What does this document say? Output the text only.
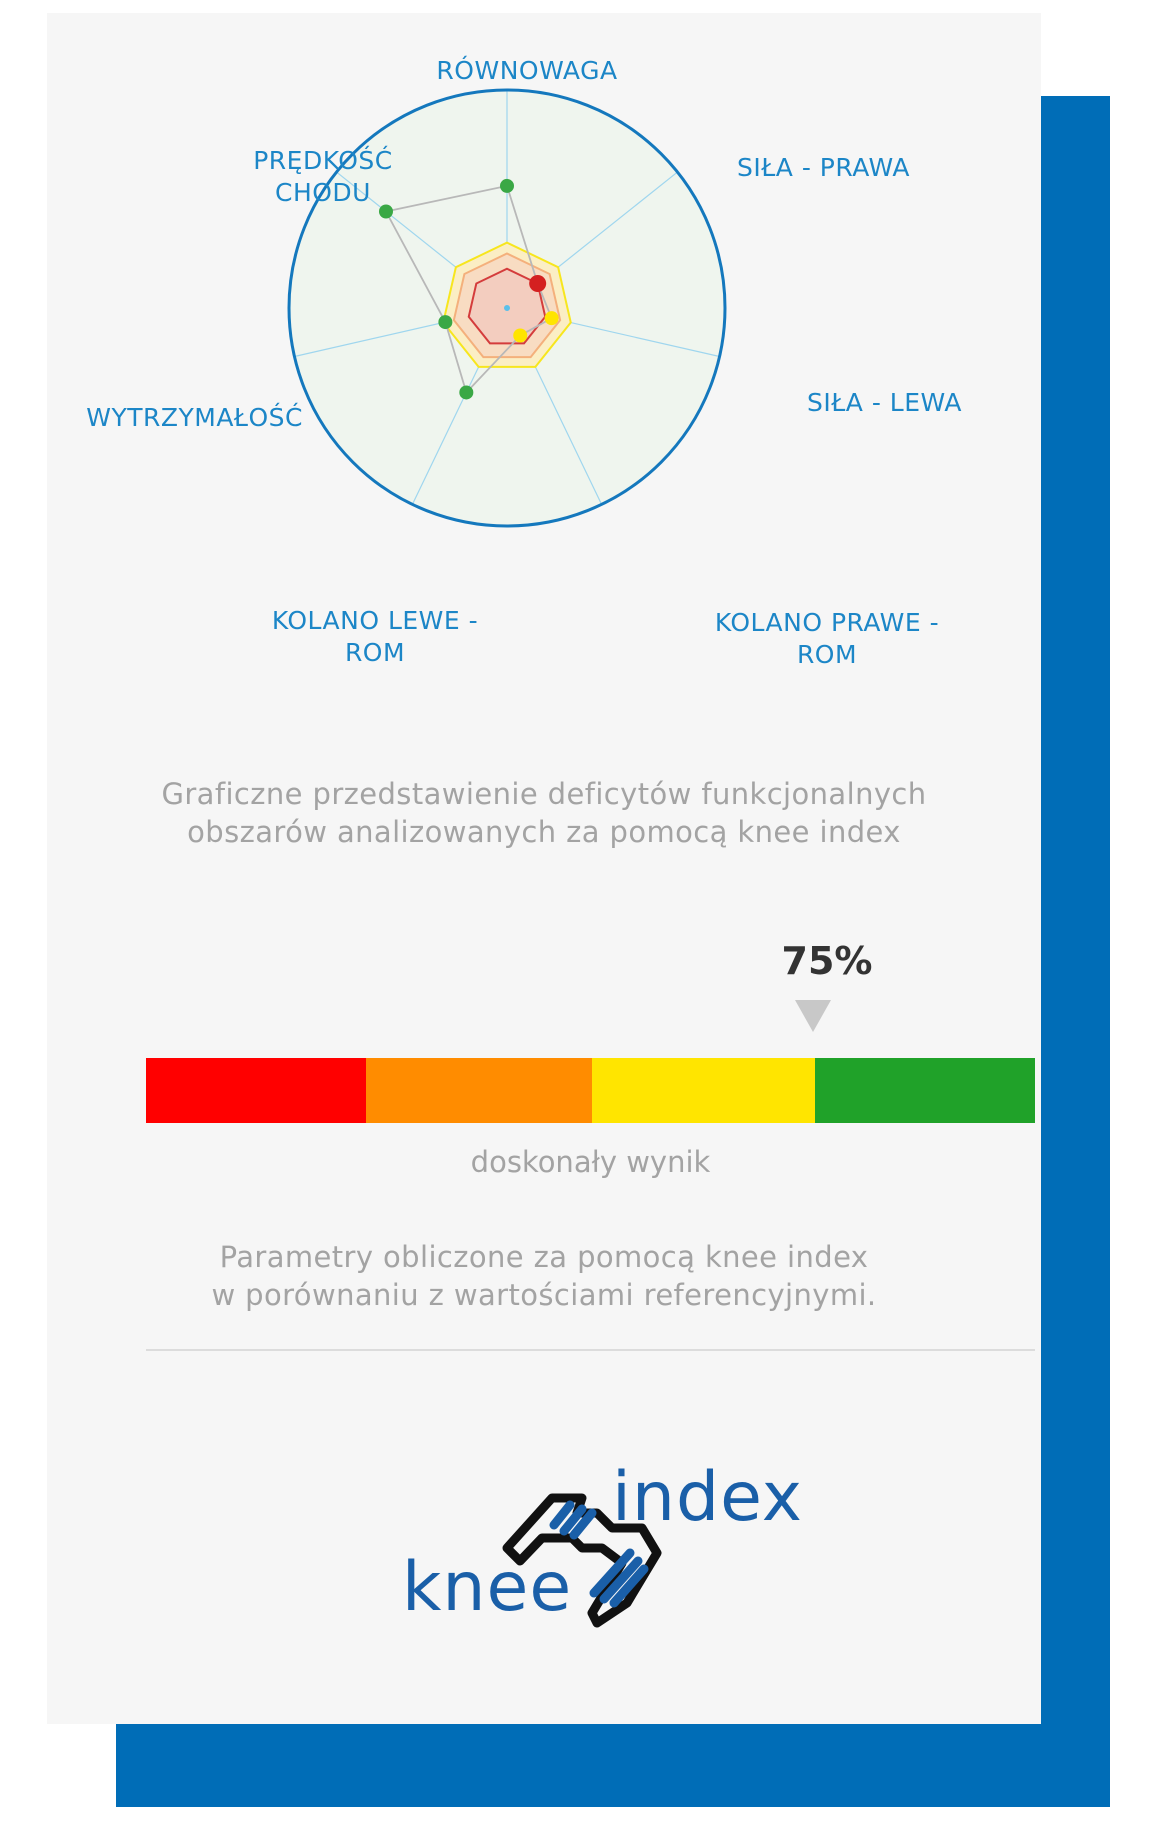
RÓWNOWAGA
SIŁA - PRAWA
SIŁA - LEWA
KOLANO PRAWE -
ROM
KOLANO LEWE -
ROM
WYTRZYMAŁOŚĆ
PRĘDKOŚĆ
CHODU
Graficzne przedstawienie deficytów funkcjonalnych
obszarów analizowanych za pomocą knee index
75%
doskonały wynik
Parametry obliczone za pomocą knee index
w porównaniu z wartościami referencyjnymi.
knee
index
